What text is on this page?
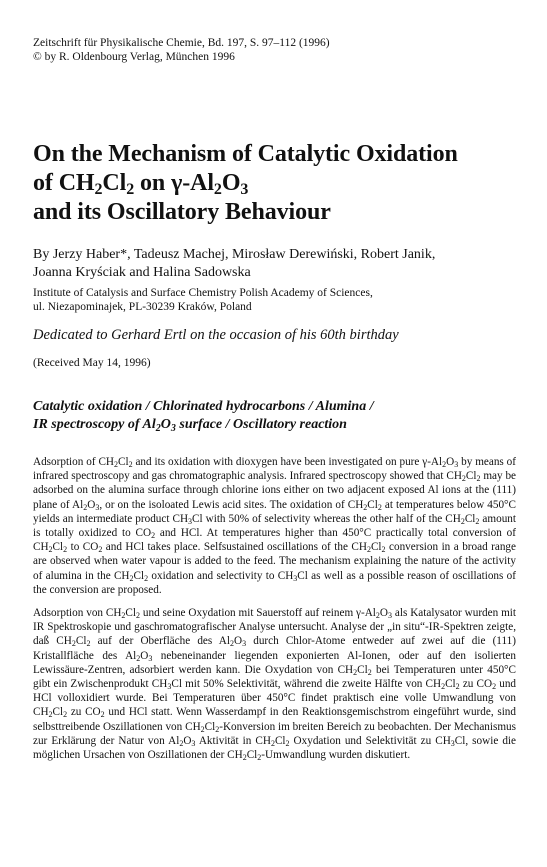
Zeitschrift für Physikalische Chemie, Bd. 197, S. 97–112 (1996)
© by R. Oldenbourg Verlag, München 1996
On the Mechanism of Catalytic Oxidation
of $CH_2Cl_2$ on $\gamma-Al_2O_3$
and its Oscillatory Behaviour
By Jerzy Haber*, Tadeusz Machej, Mirosław Derewiński, Robert Janik,
Joanna Kryściak and Halina Sadowska
Institute of Catalysis and Surface Chemistry Polish Academy of Sciences,
ul. Niezapominajek, PL-30239 Kraków, Poland
Dedicated to Gerhard Ertl on the occasion of his 60th birthday
(Received May 14, 1996)
Catalytic oxidation / Chlorinated hydrocarbons / Alumina /
IR spectroscopy of $Al_2O_3$ surface / Oscillatory reaction
Adsorption of $CH_2Cl_2$ and its oxidation with dioxygen have been investigated on pure $\gamma-Al_2O_3$ by means of infrared spectroscopy and gas chromatographic analysis. Infrared spectroscopy showed that $CH_2Cl_2$ may be adsorbed on the alumina surface through chlorine ions either on two adjacent exposed Al ions at the (111) plane of $Al_2O_3$, or on the isoloated Lewis acid sites. The oxidation of $CH_2Cl_2$ at temperatures below 450°C yields an intermediate product $CH_3Cl$ with 50% of selectivity whereas the other half of the $CH_2Cl_2$ amount is totally oxidized to $CO_2$ and HCl. At temperatures higher than 450°C practically total conversion of $CH_2Cl_2$ to $CO_2$ and HCl takes place. Selfsustained oscillations of the $CH_2Cl_2$ conversion in a broad range are observed when water vapour is added to the feed. The mechanism explaining the nature of the activity of alumina in the $CH_2Cl_2$ oxidation and selectivity to $CH_3Cl$ as well as a possible reason of oscillations of the conversion are proposed.
Adsorption von $CH_2Cl_2$ und seine Oxydation mit Sauerstoff auf reinem $\gamma-Al_2O_3$ als Katalysator wurden mit IR Spektroskopie und gaschromatografischer Analyse untersucht. Analyse der „in situ“-IR-Spektren zeigte, daß $CH_2Cl_2$ auf der Oberfläche des $Al_2O_3$ durch Chlor-Atome entweder auf zwei auf die (111) Kristallfläche des $Al_2O_3$ nebeneinander liegenden exponierten Al-Ionen, oder auf den isolierten Lewissäure-Zentren, adsorbiert werden kann. Die Oxydation von $CH_2Cl_2$ bei Temperaturen unter 450°C gibt ein Zwischenprodukt $CH_3Cl$ mit 50% Selektivität, während die zweite Hälfte von $CH_2Cl_2$ zu $CO_2$ und HCl volloxidiert wurde. Bei Temperaturen über 450°C findet praktisch eine volle Umwandlung von $CH_2Cl_2$ zu $CO_2$ und HCl statt. Wenn Wasserdampf in den Reaktionsgemischstrom eingeführt wurde, sind selbsttreibende Oszillationen von $CH_2Cl_2$-Konversion im breiten Bereich zu beobachten. Der Mechanismus zur Erklärung der Natur von $Al_2O_3$ Aktivität in $CH_2Cl_2$ Oxydation und Selektivität zu $CH_3Cl$, sowie die möglichen Ursachen von Oszillationen der $CH_2Cl_2$-Umwandlung wurden diskutiert.
